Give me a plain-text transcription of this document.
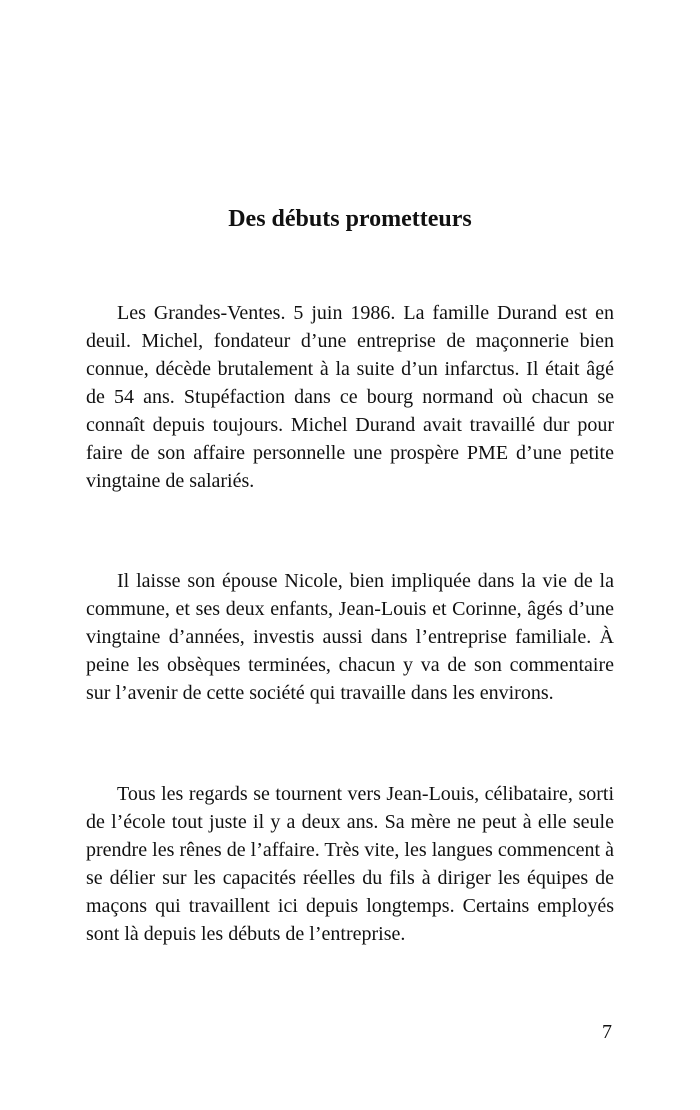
Des débuts prometteurs

Les Grandes-Ventes. 5 juin 1986. La famille Durand est en deuil. Michel, fondateur d’une entreprise de maçonnerie bien connue, décède brutalement à la suite d’un infarctus. Il était âgé de 54 ans. Stupéfaction dans ce bourg normand où chacun se connaît depuis toujours. Michel Durand avait travaillé dur pour faire de son affaire personnelle une prospère PME d’une petite vingtaine de salariés.

Il laisse son épouse Nicole, bien impliquée dans la vie de la commune, et ses deux enfants, Jean-Louis et Corinne, âgés d’une vingtaine d’années, investis aussi dans l’entreprise familiale. À peine les obsèques terminées, chacun y va de son commentaire sur l’avenir de cette société qui travaille dans les environs.

Tous les regards se tournent vers Jean-Louis, célibataire, sorti de l’école tout juste il y a deux ans. Sa mère ne peut à elle seule prendre les rênes de l’affaire. Très vite, les langues commencent à se délier sur les capacités réelles du fils à diriger les équipes de maçons qui travaillent ici depuis longtemps. Certains employés sont là depuis les débuts de l’entreprise.

7
